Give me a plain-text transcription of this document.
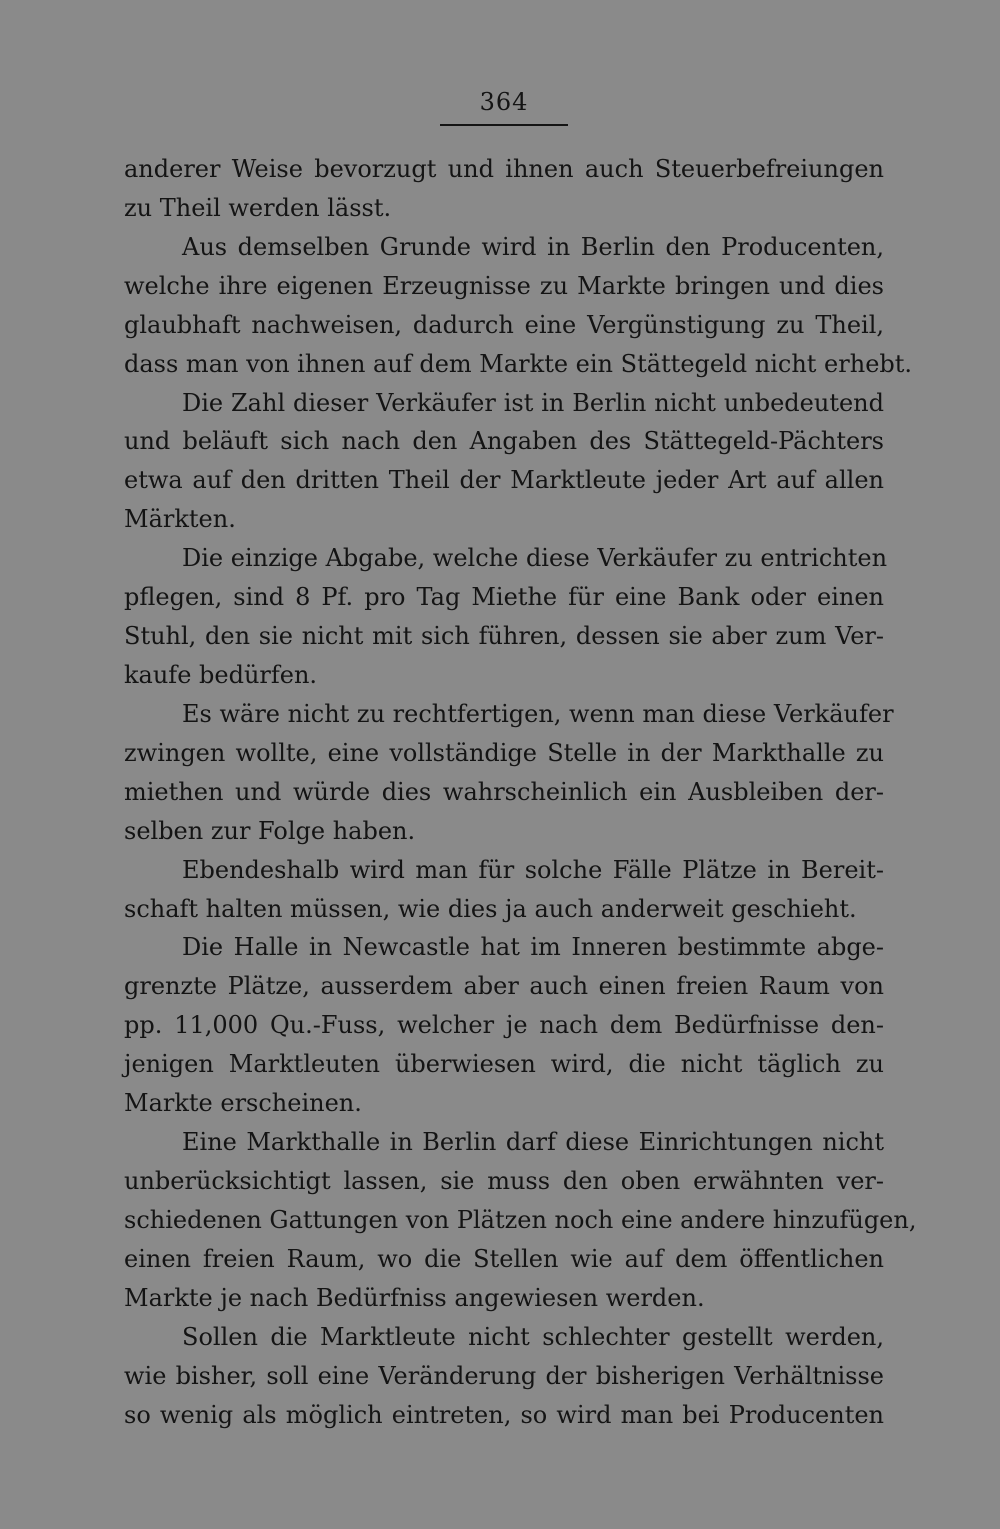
364
anderer Weise bevorzugt und ihnen auch Steuerbefreiungen
zu Theil werden lässt.
Aus demselben Grunde wird in Berlin den Producenten,
welche ihre eigenen Erzeugnisse zu Markte bringen und dies
glaubhaft nachweisen, dadurch eine Vergünstigung zu Theil,
dass man von ihnen auf dem Markte ein Stättegeld nicht erhebt.
Die Zahl dieser Verkäufer ist in Berlin nicht unbedeutend
und beläuft sich nach den Angaben des Stättegeld-Pächters
etwa auf den dritten Theil der Marktleute jeder Art auf allen
Märkten.
Die einzige Abgabe, welche diese Verkäufer zu entrichten
pflegen, sind 8 Pf. pro Tag Miethe für eine Bank oder einen
Stuhl, den sie nicht mit sich führen, dessen sie aber zum Ver-
kaufe bedürfen.
Es wäre nicht zu rechtfertigen, wenn man diese Verkäufer
zwingen wollte, eine vollständige Stelle in der Markthalle zu
miethen und würde dies wahrscheinlich ein Ausbleiben der-
selben zur Folge haben.
Ebendeshalb wird man für solche Fälle Plätze in Bereit-
schaft halten müssen, wie dies ja auch anderweit geschieht.
Die Halle in Newcastle hat im Inneren bestimmte abge-
grenzte Plätze, ausserdem aber auch einen freien Raum von
pp. 11,000 Qu.-Fuss, welcher je nach dem Bedürfnisse den-
jenigen Marktleuten überwiesen wird, die nicht täglich zu
Markte erscheinen.
Eine Markthalle in Berlin darf diese Einrichtungen nicht
unberücksichtigt lassen, sie muss den oben erwähnten ver-
schiedenen Gattungen von Plätzen noch eine andere hinzufügen,
einen freien Raum, wo die Stellen wie auf dem öffentlichen
Markte je nach Bedürfniss angewiesen werden.
Sollen die Marktleute nicht schlechter gestellt werden,
wie bisher, soll eine Veränderung der bisherigen Verhältnisse
so wenig als möglich eintreten, so wird man bei Producenten
